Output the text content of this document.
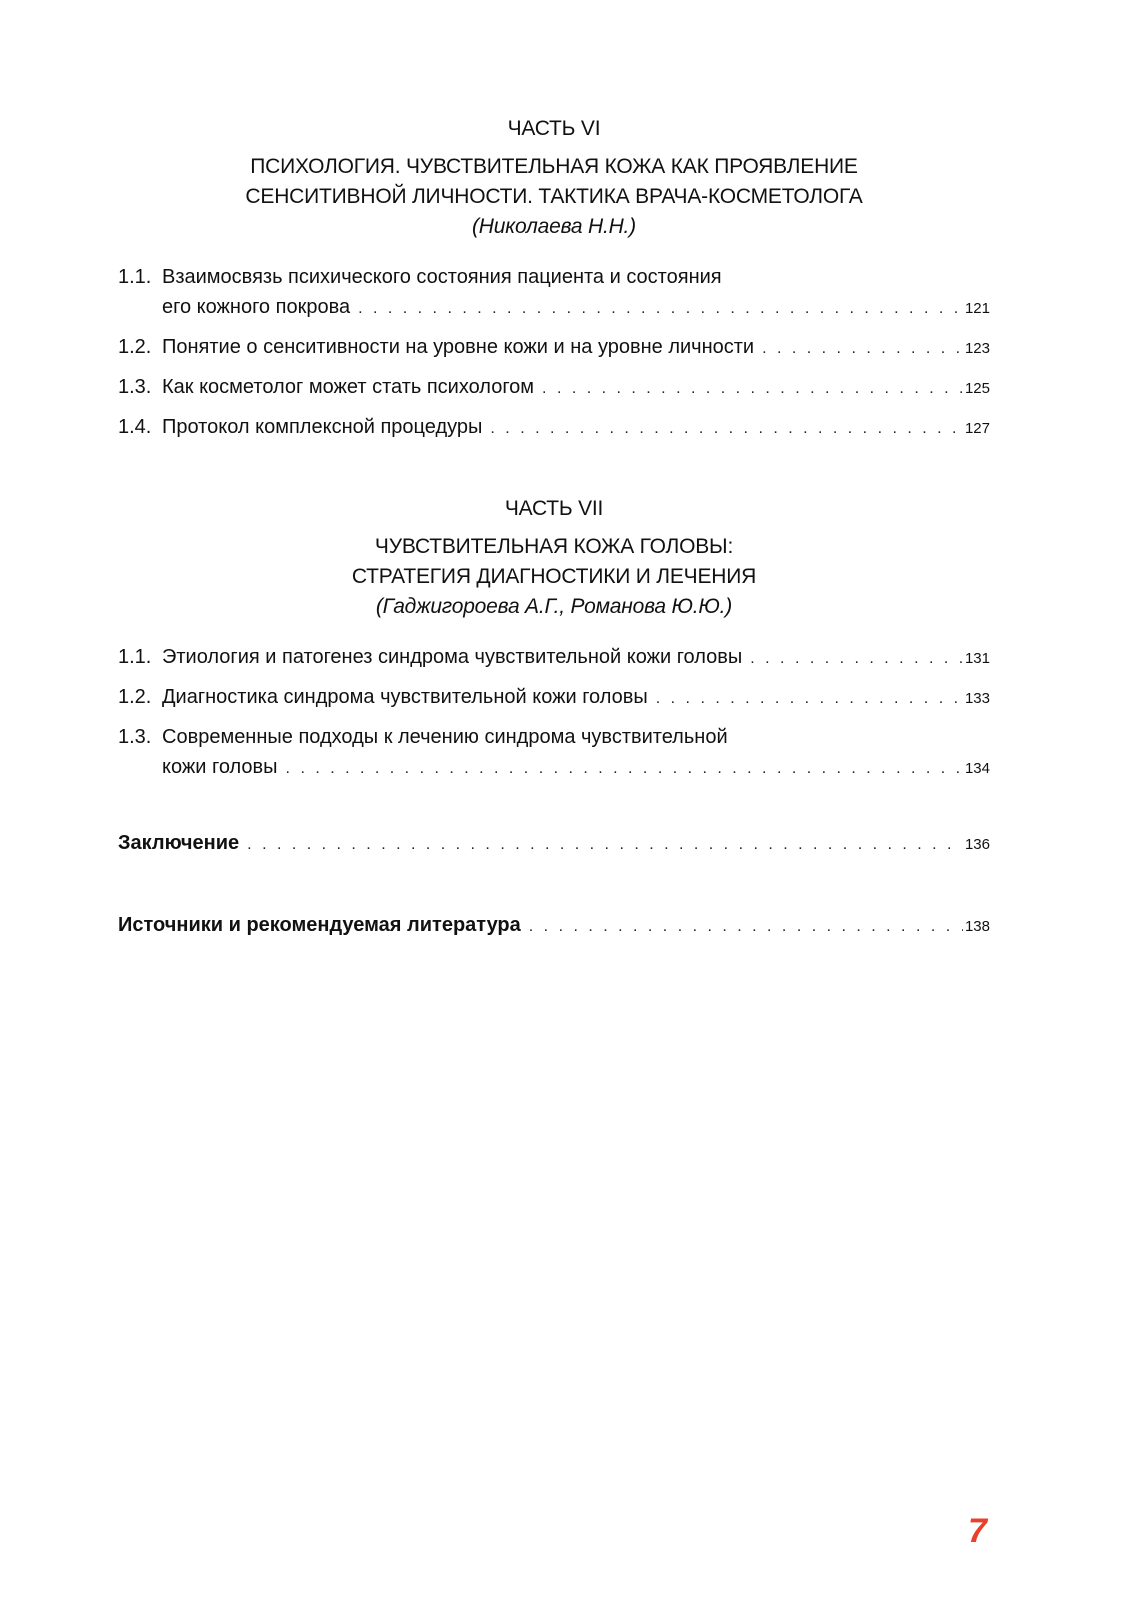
ЧАСТЬ VI
ПСИХОЛОГИЯ. ЧУВСТВИТЕЛЬНАЯ КОЖА КАК ПРОЯВЛЕНИЕ
СЕНСИТИВНОЙ ЛИЧНОСТИ. ТАКТИКА ВРАЧА-КОСМЕТОЛОГА
(Николаева Н.Н.)
1.1. Взаимосвязь психического состояния пациента и состояния
его кожного покрова . . .	121
1.2. Понятие о сенситивности на уровне кожи и на уровне личности . . .	123
1.3. Как косметолог может стать психологом . . .	125
1.4. Протокол комплексной процедуры . . .	127
ЧАСТЬ VII
ЧУВСТВИТЕЛЬНАЯ КОЖА ГОЛОВЫ:
СТРАТЕГИЯ ДИАГНОСТИКИ И ЛЕЧЕНИЯ
(Гаджигороева А.Г., Романова Ю.Ю.)
1.1. Этиология и патогенез синдрома чувствительной кожи головы . . .	131
1.2. Диагностика синдрома чувствительной кожи головы . . .	133
1.3. Современные подходы к лечению синдрома чувствительной
кожи головы . . .	134
Заключение . . .	136
Источники и рекомендуемая литература . . .	138
7
